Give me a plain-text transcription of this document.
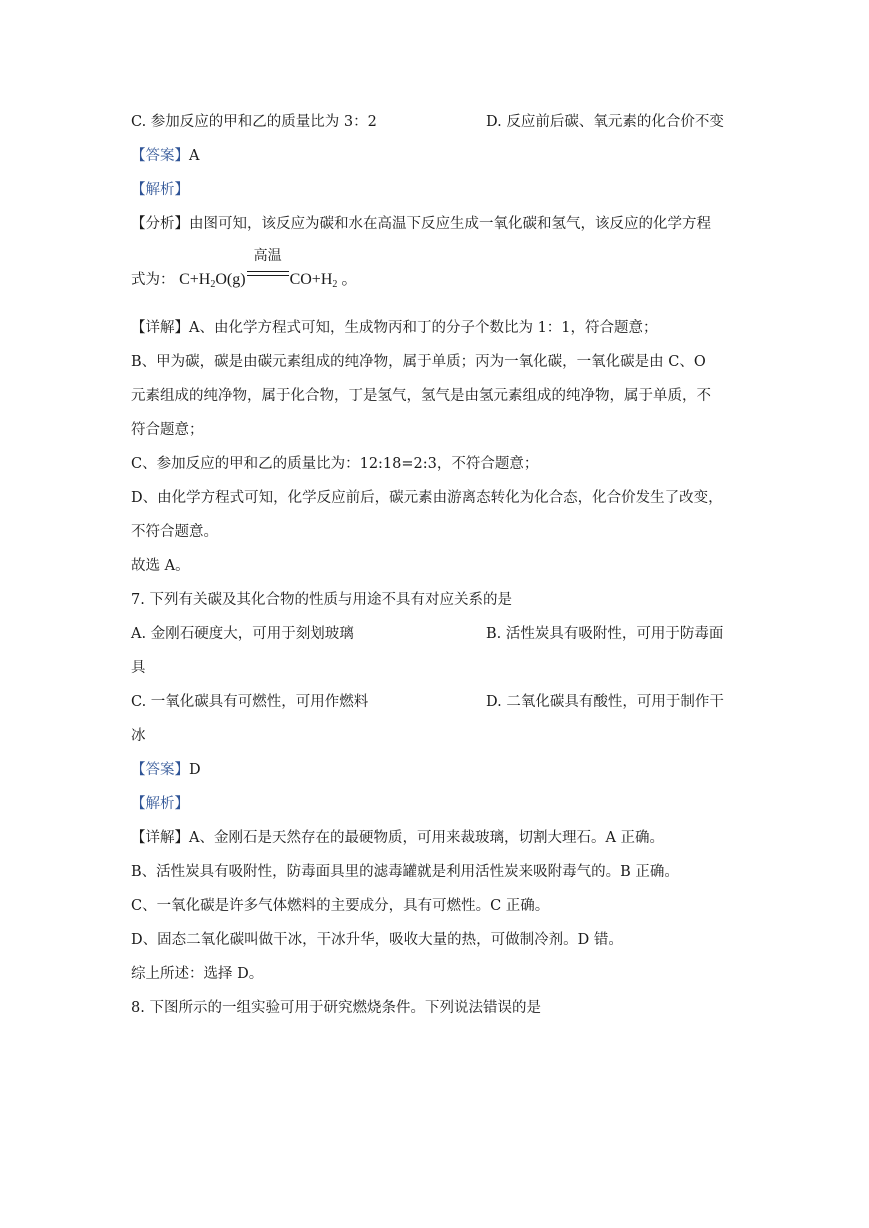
C. 参加反应的甲和乙的质量比为 3：2	D. 反应前后碳、氧元素的化合价不变
【答案】A
【解析】
【分析】由图可知，该反应为碳和水在高温下反应生成一氧化碳和氢气，该反应的化学方程
式为： $C+H_2O(g)$
高温
$CO+H_2$ 。
【详解】A、由化学方程式可知，生成物丙和丁的分子个数比为 1：1，符合题意；
B、甲为碳，碳是由碳元素组成的纯净物，属于单质；丙为一氧化碳，一氧化碳是由 C、O
元素组成的纯净物，属于化合物，丁是氢气，氢气是由氢元素组成的纯净物，属于单质，不
符合题意；
C、参加反应的甲和乙的质量比为：12:18=2:3，不符合题意；
D、由化学方程式可知，化学反应前后，碳元素由游离态转化为化合态，化合价发生了改变，
不符合题意。
故选 A。
7. 下列有关碳及其化合物的性质与用途不具有对应关系的是
A. 金刚石硬度大，可用于刻划玻璃	B. 活性炭具有吸附性，可用于防毒面
具
C. 一氧化碳具有可燃性，可用作燃料	D. 二氧化碳具有酸性，可用于制作干
冰
【答案】D
【解析】
【详解】A、金刚石是天然存在的最硬物质，可用来裁玻璃，切割大理石。A 正确。
B、活性炭具有吸附性，防毒面具里的滤毒罐就是利用活性炭来吸附毒气的。B 正确。
C、一氧化碳是许多气体燃料的主要成分，具有可燃性。C 正确。
D、固态二氧化碳叫做干冰，干冰升华，吸收大量的热，可做制冷剂。D 错。
综上所述：选择 D。
8. 下图所示的一组实验可用于研究燃烧条件。下列说法错误的是
